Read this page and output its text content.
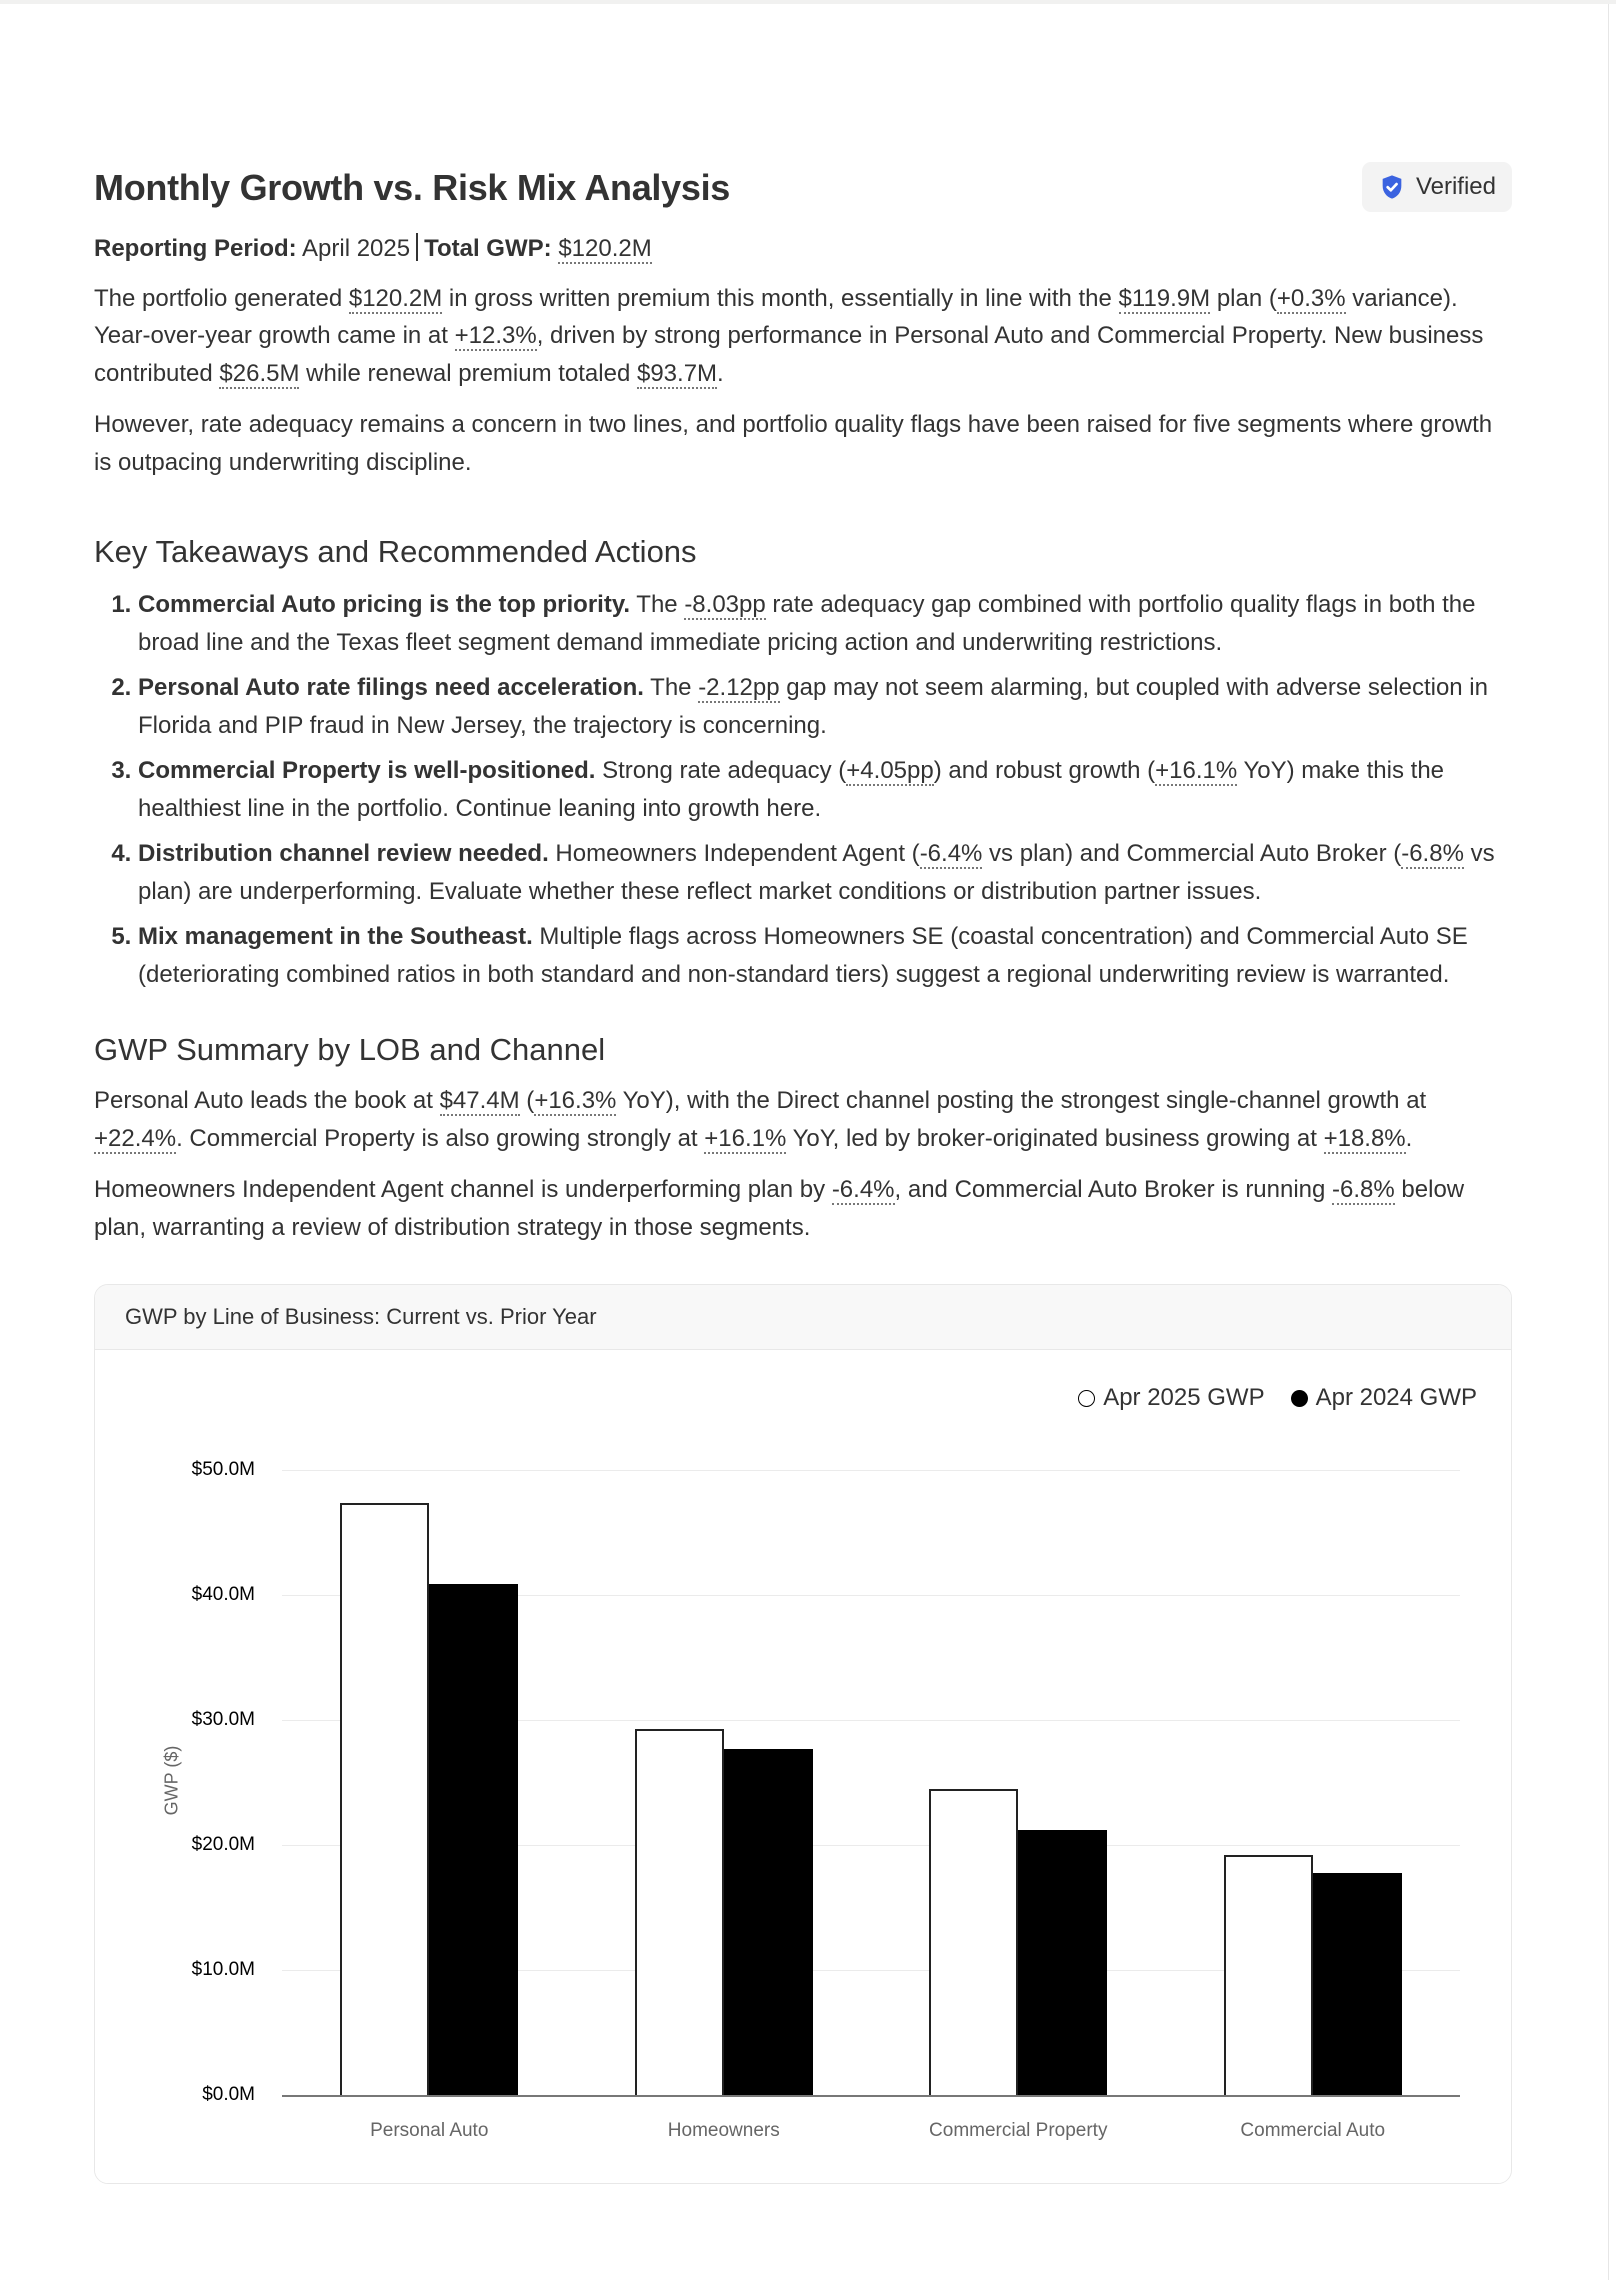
Monthly Growth vs. Risk Mix Analysis	Verified
Reporting Period: April 2025 Total GWP: $120.2M

The portfolio generated $120.2M in gross written premium this month, essentially in line with the $119.9M plan (+0.3% variance). Year-over-year growth came in at +12.3%, driven by strong performance in Personal Auto and Commercial Property. New business contributed $26.5M while renewal premium totaled $93.7M.

However, rate adequacy remains a concern in two lines, and portfolio quality flags have been raised for five segments where growth is outpacing underwriting discipline.

Key Takeaways and Recommended Actions
1. Commercial Auto pricing is the top priority. The -8.03pp rate adequacy gap combined with portfolio quality flags in both the broad line and the Texas fleet segment demand immediate pricing action and underwriting restrictions.
2. Personal Auto rate filings need acceleration. The -2.12pp gap may not seem alarming, but coupled with adverse selection in Florida and PIP fraud in New Jersey, the trajectory is concerning.
3. Commercial Property is well-positioned. Strong rate adequacy (+4.05pp) and robust growth (+16.1% YoY) make this the healthiest line in the portfolio. Continue leaning into growth here.
4. Distribution channel review needed. Homeowners Independent Agent (-6.4% vs plan) and Commercial Auto Broker (-6.8% vs plan) are underperforming. Evaluate whether these reflect market conditions or distribution partner issues.
5. Mix management in the Southeast. Multiple flags across Homeowners SE (coastal concentration) and Commercial Auto SE (deteriorating combined ratios in both standard and non-standard tiers) suggest a regional underwriting review is warranted.
GWP Summary by LOB and Channel

Personal Auto leads the book at $47.4M (+16.3% YoY), with the Direct channel posting the strongest single-channel growth at +22.4%. Commercial Property is also growing strongly at +16.1% YoY, led by broker-originated business growing at +18.8%.

Homeowners Independent Agent channel is underperforming plan by -6.4%, and Commercial Auto Broker is running -6.8% below plan, warranting a review of distribution strategy in those segments.

GWP by Line of Business: Current vs. Prior Year
Apr 2025 GWP Apr 2024 GWP
$0.0M
$10.0M
$20.0M
$30.0M
$40.0M
$50.0M
GWP ($)
Personal Auto	Homeowners	Commercial Property	Commercial Auto
